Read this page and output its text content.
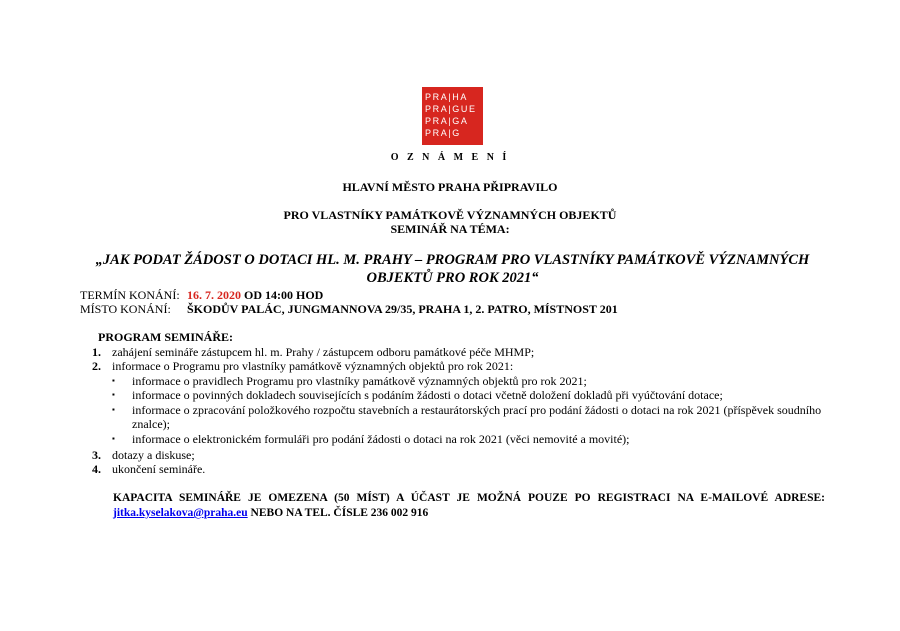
PRA|HA
PRA|GUE
PRA|GA
PRA|G
O Z N Á M E N Í
HLAVNÍ MĚSTO PRAHA PŘIPRAVILO
PRO VLASTNÍKY PAMÁTKOVĚ VÝZNAMNÝCH OBJEKTŮ
SEMINÁŘ NA TÉMA:
„JAK PODAT ŽÁDOST O DOTACI HL. M. PRAHY – PROGRAM PRO VLASTNÍKY PAMÁTKOVĚ VÝZNAMNÝCH
OBJEKTŮ PRO ROK 2021“
TERMÍN KONÁNÍ: 16. 7. 2020 OD 14:00 HOD
MÍSTO KONÁNÍ: ŠKODŮV PALÁC, JUNGMANNOVA 29/35, PRAHA 1, 2. PATRO, MÍSTNOST 201
PROGRAM SEMINÁŘE:
1. zahájení semináře zástupcem hl. m. Prahy / zástupcem odboru památkové péče MHMP;
2. informace o Programu pro vlastníky památkově významných objektů pro rok 2021:
▪ informace o pravidlech Programu pro vlastníky památkově významných objektů pro rok 2021;
▪ informace o povinných dokladech souvisejících s podáním žádosti o dotaci včetně doložení dokladů při vyúčtování dotace;
▪ informace o zpracování položkového rozpočtu stavebních a restaurátorských prací pro podání žádosti o dotaci na rok 2021 (příspěvek soudního znalce);
▪ informace o elektronickém formuláři pro podání žádosti o dotaci na rok 2021 (věci nemovité a movité);
3. dotazy a diskuse;
4. ukončení semináře.
KAPACITA SEMINÁŘE JE OMEZENA (50 MÍST) A ÚČAST JE MOŽNÁ POUZE PO REGISTRACI NA E-MAILOVÉ ADRESE:
jitka.kyselakova@praha.eu NEBO NA TEL. ČÍSLE 236 002 916
